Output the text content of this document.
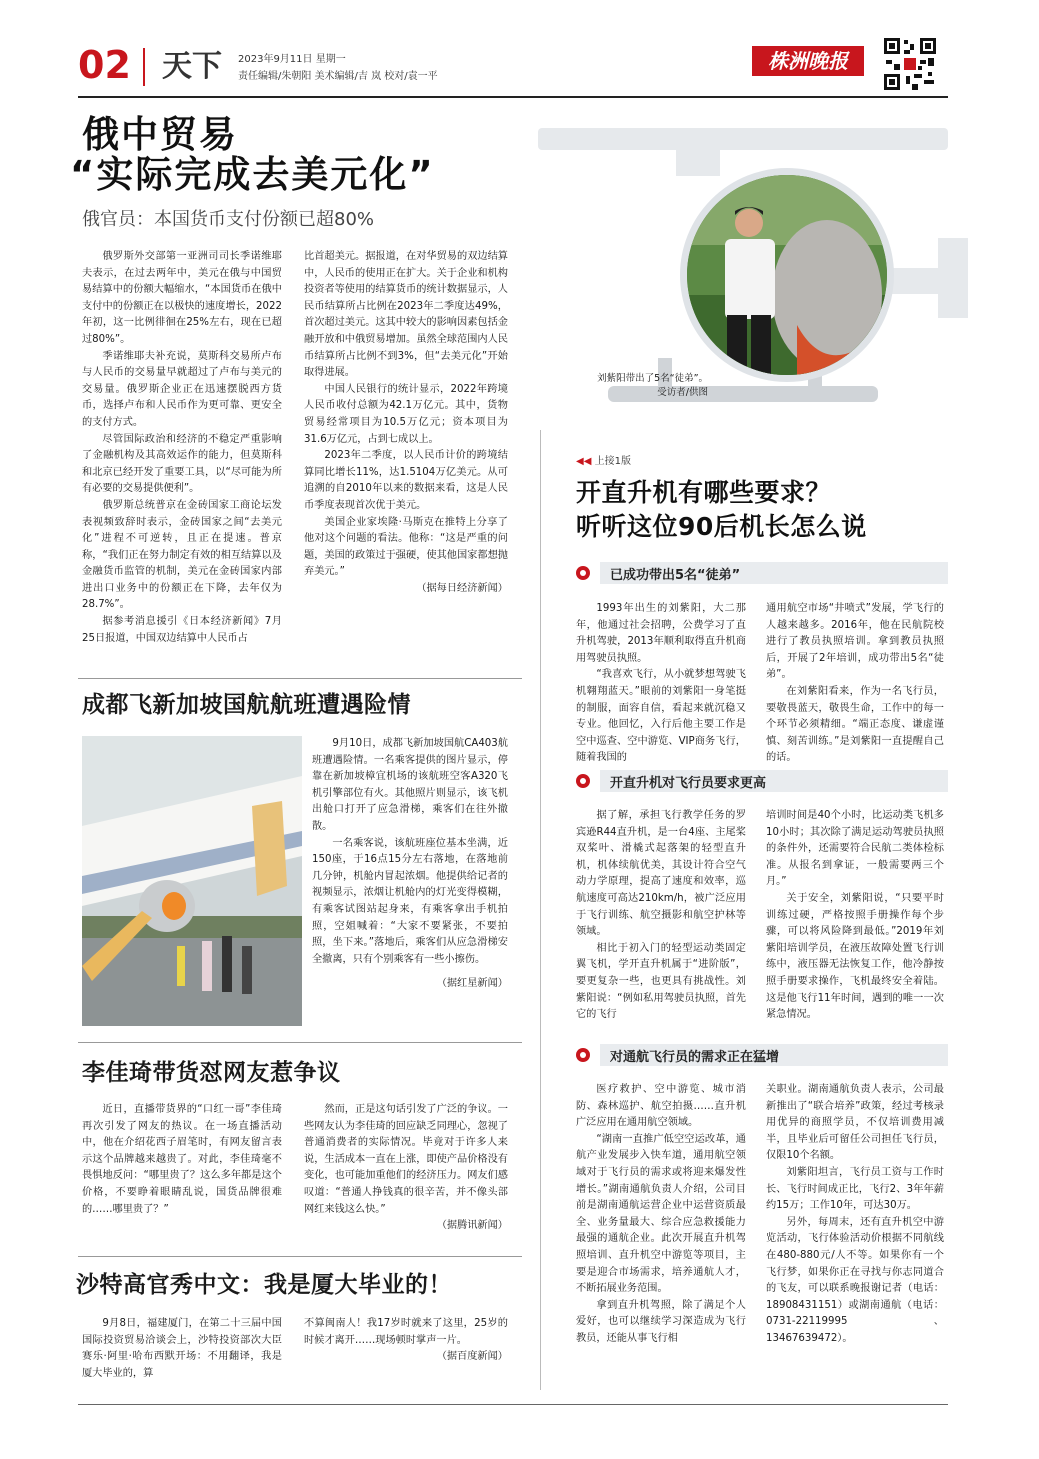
02 天下 2023年9月11日 星期一
责任编辑/朱朝阳 美术编辑/吉 岚 校对/袁一平
株洲晚报
俄中贸易
“实际完成去美元化”
俄官员：本国货币支付份额已超80%

俄罗斯外交部第一亚洲司司长季诺维耶夫表示，在过去两年中，美元在俄与中国贸易结算中的份额大幅缩水，“本国货币在俄中支付中的份额正在以极快的速度增长，2022年初，这一比例徘徊在25%左右，现在已超过80%”。

季诺维耶夫补充说，莫斯科交易所卢布与人民币的交易量早就超过了卢布与美元的交易量。俄罗斯企业正在迅速摆脱西方货币，选择卢布和人民币作为更可靠、更安全的支付方式。

尽管国际政治和经济的不稳定严重影响了金融机构及其高效运作的能力，但莫斯科和北京已经开发了重要工具，以“尽可能为所有必要的交易提供便利”。

俄罗斯总统普京在金砖国家工商论坛发表视频致辞时表示，金砖国家之间“去美元化”进程不可逆转，且正在提速。普京称，“我们正在努力制定有效的相互结算以及金融货币监管的机制，美元在金砖国家内部进出口业务中的份额正在下降，去年仅为28.7%”。

据参考消息援引《日本经济新闻》7月25日报道，中国双边结算中人民币占

比首超美元。据报道，在对华贸易的双边结算中，人民币的使用正在扩大。关于企业和机构投资者等使用的结算货币的统计数据显示，人民币结算所占比例在2023年二季度达49%，首次超过美元。这其中较大的影响因素包括金融开放和中俄贸易增加。虽然全球范围内人民币结算所占比例不到3%，但“去美元化”开始取得进展。

中国人民银行的统计显示，2022年跨境人民币收付总额为42.1万亿元。其中，货物贸易经常项目为10.5万亿元；资本项目为31.6万亿元，占到七成以上。

2023年二季度，以人民币计价的跨境结算同比增长11%，达1.5104万亿美元。从可追溯的自2010年以来的数据来看，这是人民币季度表现首次优于美元。

美国企业家埃隆·马斯克在推特上分享了他对这个问题的看法。他称：“这是严重的问题，美国的政策过于强硬，使其他国家都想抛弃美元。”

（据每日经济新闻）
刘紫阳带出了5名“徒弟”。
受访者/供图
◀◀ 上接1版
开直升机有哪些要求？
听听这位90后机长怎么说
已成功带出5名“徒弟”

1993年出生的刘紫阳，大二那年，他通过社会招聘，公费学习了直升机驾驶，2013年顺利取得直升机商用驾驶员执照。

“我喜欢飞行，从小就梦想驾驶飞机翱翔蓝天。”眼前的刘紫阳一身笔挺的制服，面容自信，看起来就沉稳又专业。他回忆，入行后他主要工作是空中巡查、空中游览、VIP商务飞行，随着我国的

通用航空市场“井喷式”发展，学飞行的人越来越多。2016年，他在民航院校进行了教员执照培训。拿到教员执照后，开展了2年培训，成功带出5名“徒弟”。

在刘紫阳看来，作为一名飞行员，要敬畏蓝天，敬畏生命，工作中的每一个环节必须精细。“端正态度、谦虚谨慎、刻苦训练。”是刘紫阳一直提醒自己的话。

开直升机对飞行员要求更高

据了解，承担飞行教学任务的罗宾逊R44直升机，是一台4座、主尾桨双桨叶、滑橇式起落架的轻型直升机，机体续航优美，其设计符合空气动力学原理，提高了速度和效率，巡航速度可高达210km/h，被广泛应用于飞行训练、航空摄影和航空护林等领域。

相比于初入门的轻型运动类固定翼飞机，学开直升机属于“进阶版”，要更复杂一些，也更具有挑战性。刘紫阳说：“例如私用驾驶员执照，首先它的飞行

培训时间是40个小时，比运动类飞机多10小时；其次除了满足运动驾驶员执照的条件外，还需要符合民航二类体检标准。从报名到拿证，一般需要两三个月。”

关于安全，刘紫阳说，“只要平时训练过硬，严格按照手册操作每个步骤，可以将风险降到最低。”2019年刘紫阳培训学员，在液压故障处置飞行训练中，液压器无法恢复工作，他冷静按照手册要求操作，飞机最终安全着陆。这是他飞行11年时间，遇到的唯一一次紧急情况。

对通航飞行员的需求正在猛增

医疗救护、空中游览、城市消防、森林巡护、航空拍摄……直升机广泛应用在通用航空领域。

“湖南一直推广低空空运改革，通航产业发展步入快车道，通用航空领域对于飞行员的需求或将迎来爆发性增长。”湖南通航负责人介绍，公司目前是湖南通航运营企业中运营资质最全、业务量最大、综合应急救援能力最强的通航企业。此次开展直升机驾照培训、直升机空中游览等项目，主要是迎合市场需求，培养通航人才，不断拓展业务范围。

拿到直升机驾照，除了满足个人爱好，也可以继续学习深造成为飞行教员，还能从事飞行相

关职业。湖南通航负责人表示，公司最新推出了“联合培养”政策，经过考核录用优异的商照学员，不仅培训费用减半，且毕业后可留任公司担任飞行员，仅限10个名额。

刘紫阳坦言，飞行员工资与工作时长、飞行时间成正比，飞行2、3年年薪约15万；工作10年，可达30万。

另外，每周末，还有直升机空中游览活动，飞行体验活动价根据不同航线在480-880元/人不等。如果你有一个飞行梦，如果你正在寻找与你志同道合的飞友，可以联系晚报谢记者（电话：18908431151）或湖南通航（电话：0731-22119995、13467639472）。

成都飞新加坡国航航班遭遇险情

9月10日，成都飞新加坡国航CA403航班遭遇险情。一名乘客提供的图片显示，停靠在新加坡樟宜机场的该航班空客A320飞机引擎部位有火。其他照片则显示，该飞机出舱口打开了应急滑梯，乘客们在往外撤散。

一名乘客说，该航班座位基本坐满，近150座，于16点15分左右落地，在落地前几分钟，机舱内冒起浓烟。他提供给记者的视频显示，浓烟让机舱内的灯光变得模糊，有乘客试图站起身来，有乘客拿出手机拍照，空姐喊着：“大家不要紧张，不要拍照，坐下来。”落地后，乘客们从应急滑梯安全撤离，只有个别乘客有一些小擦伤。

（据红星新闻）
李佳琦带货怼网友惹争议

近日，直播带货界的“口红一哥”李佳琦再次引发了网友的热议。在一场直播活动中，他在介绍花西子眉笔时，有网友留言表示这个品牌越来越贵了。对此，李佳琦毫不畏惧地反问：“哪里贵了？这么多年都是这个价格，不要睁着眼睛乱说，国货品牌很难的……哪里贵了？”

然而，正是这句话引发了广泛的争议。一些网友认为李佳琦的回应缺乏同理心，忽视了普通消费者的实际情况。毕竟对于许多人来说，生活成本一直在上涨，即使产品价格没有变化，也可能加重他们的经济压力。网友们感叹道：“普通人挣钱真的很辛苦，并不像头部网红来钱这么快。”

（据腾讯新闻）
沙特高官秀中文：我是厦大毕业的！

9月8日，福建厦门，在第二十三届中国国际投资贸易洽谈会上，沙特投资部次大臣赛乐·阿里·哈布西默开场：不用翻译，我是厦大毕业的，算

不算闽南人！我17岁时就来了这里，25岁的时候才离开……现场顿时掌声一片。

（据百度新闻）
